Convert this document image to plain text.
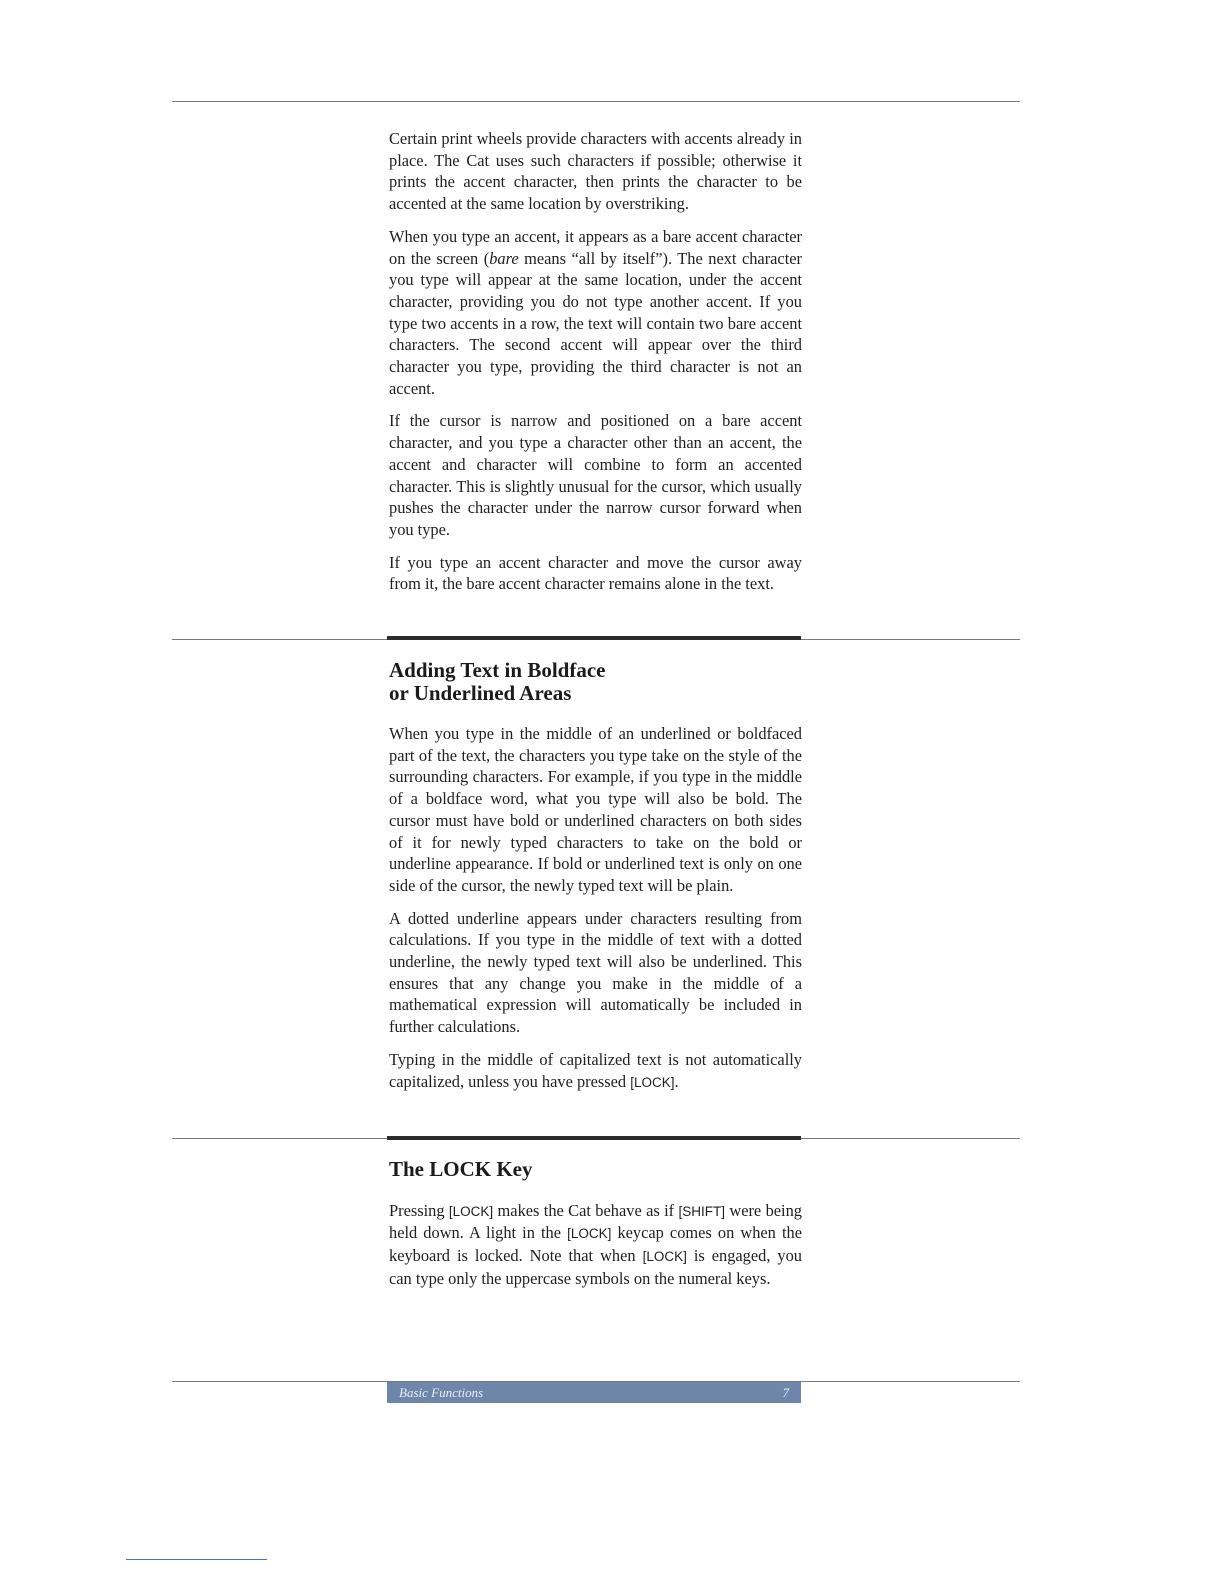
Certain print wheels provide characters with accents already in place. The Cat uses such characters if possible; otherwise it prints the accent character, then prints the character to be accented at the same location by overstriking.

When you type an accent, it appears as a bare accent character on the screen (bare means “all by itself”). The next character you type will appear at the same location, under the accent character, providing you do not type another accent. If you type two accents in a row, the text will contain two bare accent characters. The second accent will appear over the third character you type, providing the third character is not an accent.

If the cursor is narrow and positioned on a bare accent character, and you type a character other than an accent, the accent and character will combine to form an accented character. This is slightly unusual for the cursor, which usually pushes the character under the narrow cursor forward when you type.

If you type an accent character and move the cursor away from it, the bare accent character remains alone in the text.

Adding Text in Boldface
or Underlined Areas

When you type in the middle of an underlined or boldfaced part of the text, the characters you type take on the style of the surrounding characters. For example, if you type in the middle of a boldface word, what you type will also be bold. The cursor must have bold or underlined characters on both sides of it for newly typed characters to take on the bold or underline appearance. If bold or underlined text is only on one side of the cursor, the newly typed text will be plain.

A dotted underline appears under characters resulting from calculations. If you type in the middle of text with a dotted underline, the newly typed text will also be underlined. This ensures that any change you make in the middle of a mathematical expression will automatically be included in further calculations.

Typing in the middle of capitalized text is not automatically capitalized, unless you have pressed [LOCK].

The LOCK Key

Pressing [LOCK] makes the Cat behave as if [SHIFT] were being held down. A light in the [LOCK] keycap comes on when the keyboard is locked. Note that when [LOCK] is engaged, you can type only the uppercase symbols on the numeral keys.

Basic Functions	7
